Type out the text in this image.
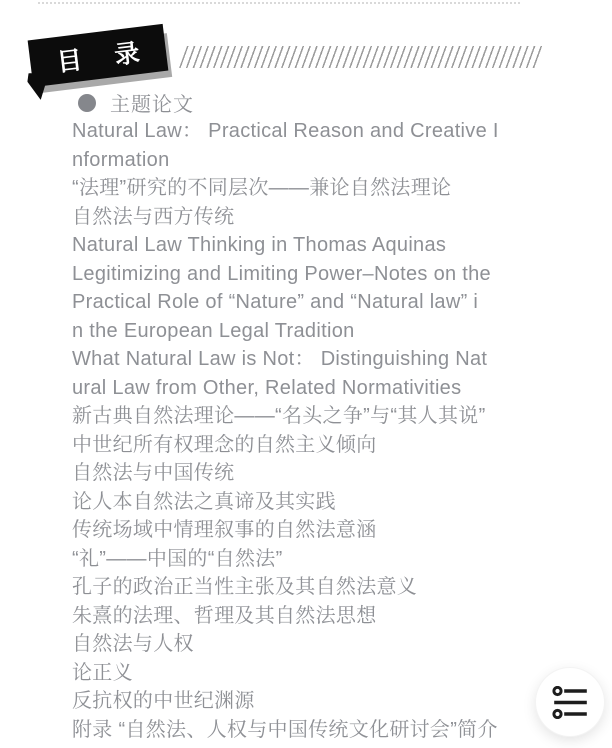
目 录
主题论文
Natural Law： Practical Reason and Creative I
nformation
“法理”研究的不同层次——兼论自然法理论
自然法与西方传统
Natural Law Thinking in Thomas Aquinas
Legitimizing and Limiting Power–Notes on the
Practical Role of “Nature” and “Natural law” i
n the European Legal Tradition
What Natural Law is Not： Distinguishing Nat
ural Law from Other, Related Normativities
新古典自然法理论——“名头之争”与“其人其说”
中世纪所有权理念的自然主义倾向
自然法与中国传统
论人本自然法之真谛及其实践
传统场域中情理叙事的自然法意涵
“礼”——中国的“自然法”
孔子的政治正当性主张及其自然法意义
朱熹的法理、哲理及其自然法思想
自然法与人权
论正义
反抗权的中世纪渊源
附录 “自然法、人权与中国传统文化研讨会”简介
